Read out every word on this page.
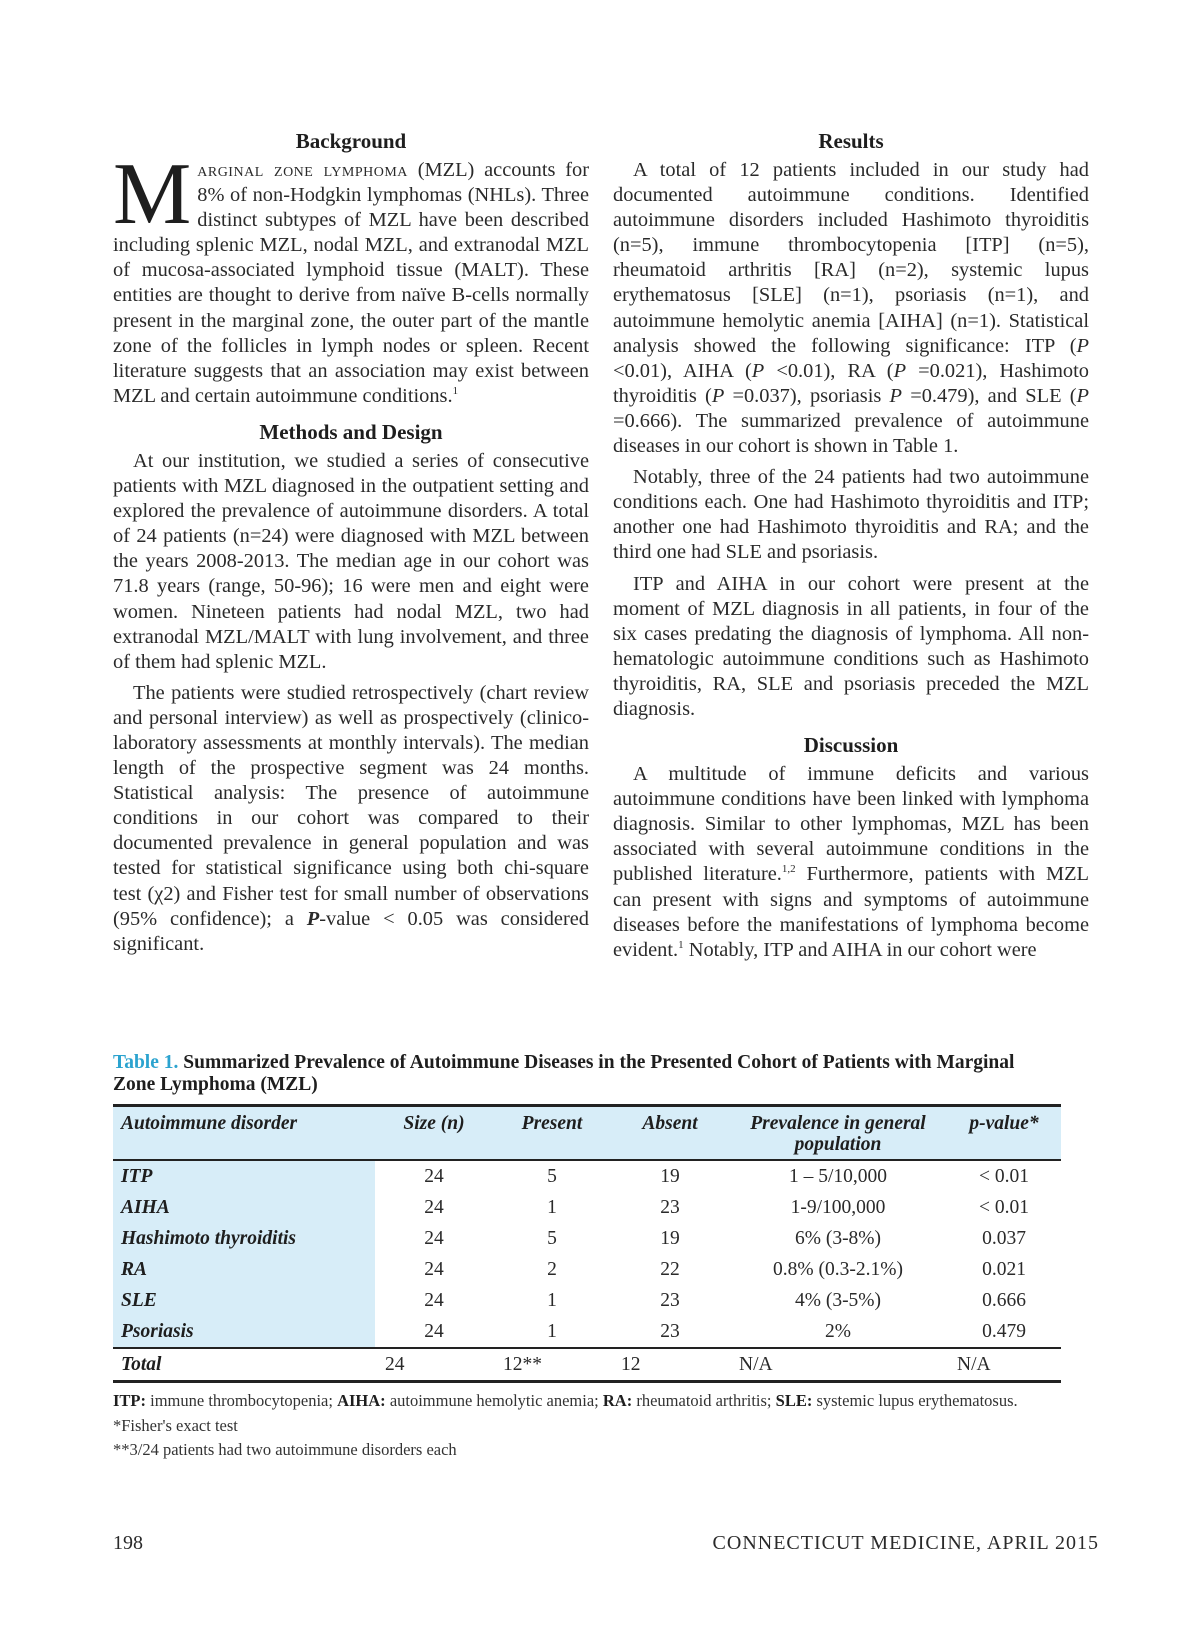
Background

Marginal zone lymphoma (MZL) accounts for 8% of non-Hodgkin lymphomas (NHLs). Three distinct subtypes of MZL have been described including splenic MZL, nodal MZL, and extranodal MZL of mucosa-associated lymphoid tissue (MALT). These entities are thought to derive from naïve B-cells normally present in the marginal zone, the outer part of the mantle zone of the follicles in lymph nodes or spleen. Recent literature suggests that an association may exist between MZL and certain autoimmune conditions.$^1$

Methods and Design

At our institution, we studied a series of consecutive patients with MZL diagnosed in the outpatient setting and explored the prevalence of autoimmune disorders. A total of 24 patients (n=24) were diagnosed with MZL between the years 2008-2013. The median age in our cohort was 71.8 years (range, 50-96); 16 were men and eight were women. Nineteen patients had nodal MZL, two had extranodal MZL/MALT with lung involvement, and three of them had splenic MZL.

The patients were studied retrospectively (chart review and personal interview) as well as prospectively (clinico-laboratory assessments at monthly intervals). The median length of the prospective segment was 24 months. Statistical analysis: The presence of autoimmune conditions in our cohort was compared to their documented prevalence in general population and was tested for statistical significance using both chi-square test (χ2) and Fisher test for small number of observations (95% confidence); a P-value < 0.05 was considered significant.

Results

A total of 12 patients included in our study had documented autoimmune conditions. Identified autoimmune disorders included Hashimoto thyroiditis (n=5), immune thrombocytopenia [ITP] (n=5), rheumatoid arthritis [RA] (n=2), systemic lupus erythematosus [SLE] (n=1), psoriasis (n=1), and autoimmune hemolytic anemia [AIHA] (n=1). Statistical analysis showed the following significance: ITP (P <0.01), AIHA (P <0.01), RA (P =0.021), Hashimoto thyroiditis (P =0.037), psoriasis P =0.479), and SLE (P =0.666). The summarized prevalence of autoimmune diseases in our cohort is shown in Table 1.

Notably, three of the 24 patients had two autoimmune conditions each. One had Hashimoto thyroiditis and ITP; another one had Hashimoto thyroiditis and RA; and the third one had SLE and psoriasis.

ITP and AIHA in our cohort were present at the moment of MZL diagnosis in all patients, in four of the six cases predating the diagnosis of lymphoma. All non-hematologic autoimmune conditions such as Hashimoto thyroiditis, RA, SLE and psoriasis preceded the MZL diagnosis.

Discussion

A multitude of immune deficits and various autoimmune conditions have been linked with lymphoma diagnosis. Similar to other lymphomas, MZL has been associated with several autoimmune conditions in the published literature.$^{1,2}$ Furthermore, patients with MZL can present with signs and symptoms of autoimmune diseases before the manifestations of lymphoma become evident.$^1$ Notably, ITP and AIHA in our cohort were

Table 1. Summarized Prevalence of Autoimmune Diseases in the Presented Cohort of Patients with Marginal Zone Lymphoma (MZL)
Autoimmune disorder	Size (n)	Present	Absent	Prevalence in general population	p-value*
ITP	24	5	19	1 – 5/10,000	< 0.01
AIHA	24	1	23	1-9/100,000	< 0.01
Hashimoto thyroiditis	24	5	19	6% (3-8%)	0.037
RA	24	2	22	0.8% (0.3-2.1%)	0.021
SLE	24	1	23	4% (3-5%)	0.666
Psoriasis	24	1	23	2%	0.479
Total	24	12**	12	N/A	N/A

ITP: immune thrombocytopenia; AIHA: autoimmune hemolytic anemia; RA: rheumatoid arthritis; SLE: systemic lupus erythematosus.

*Fisher's exact test

**3/24 patients had two autoimmune disorders each

198	CONNECTICUT MEDICINE, APRIL 2015
